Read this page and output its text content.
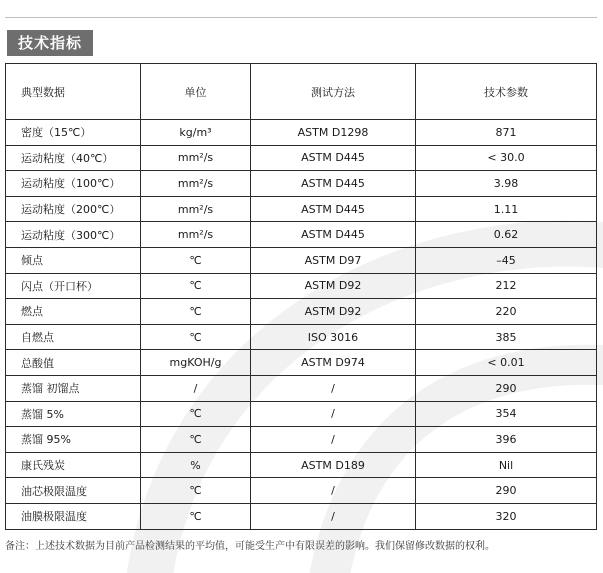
技术指标
典型数据	单位	测试方法	技术参数
密度（15℃）	kg/m³	ASTM D1298	871
运动粘度（40℃）	mm²/s	ASTM D445	< 30.0
运动粘度（100℃）	mm²/s	ASTM D445	3.98
运动粘度（200℃）	mm²/s	ASTM D445	1.11
运动粘度（300℃）	mm²/s	ASTM D445	0.62
倾点	℃	ASTM D97	–45
闪点（开口杯）	℃	ASTM D92	212
燃点	℃	ASTM D92	220
自燃点	℃	ISO 3016	385
总酸值	mgKOH/g	ASTM D974	< 0.01
蒸馏 初馏点	/	/	290
蒸馏 5%	℃	/	354
蒸馏 95%	℃	/	396
康氏残炭	%	ASTM D189	Nil
油芯极限温度	℃	/	290
油膜极限温度	℃	/	320
备注：上述技术数据为目前产品检测结果的平均值，可能受生产中有限误差的影响。我们保留修改数据的权利。
